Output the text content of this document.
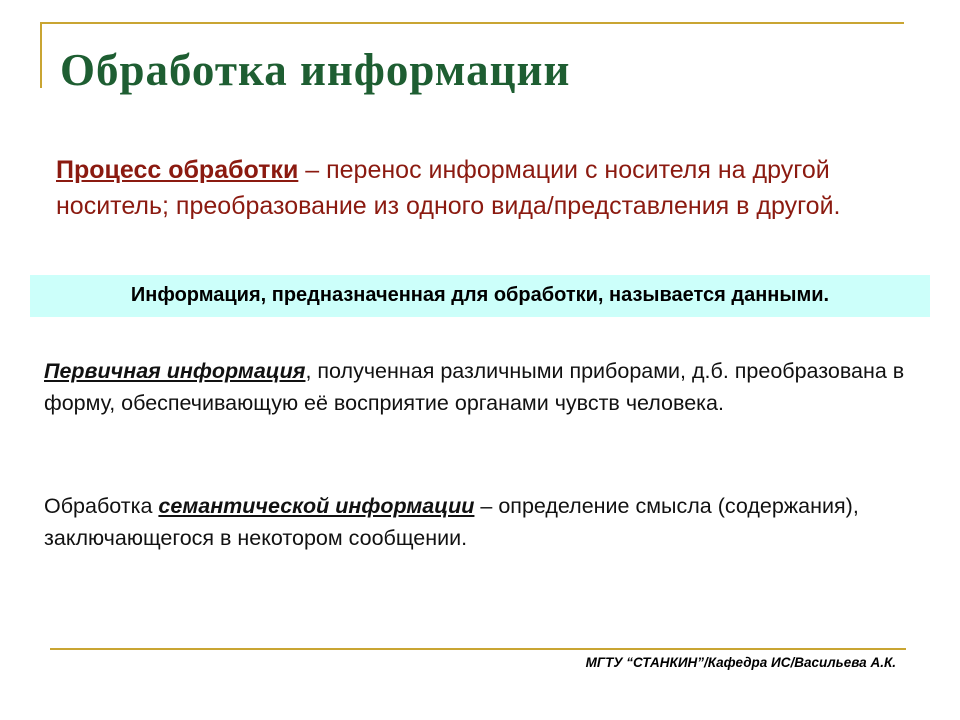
Обработка информации
Процесс обработки – перенос информации с носителя на другой носитель; преобразование из одного вида/представления в другой.
Информация, предназначенная для обработки, называется данными.
Первичная информация, полученная различными приборами, д.б. преобразована в форму, обеспечивающую её восприятие органами чувств человека.
Обработка семантической информации – определение смысла (содержания), заключающегося в некотором сообщении.
МГТУ “СТАНКИН”/Кафедра ИС/Васильева А.К.
